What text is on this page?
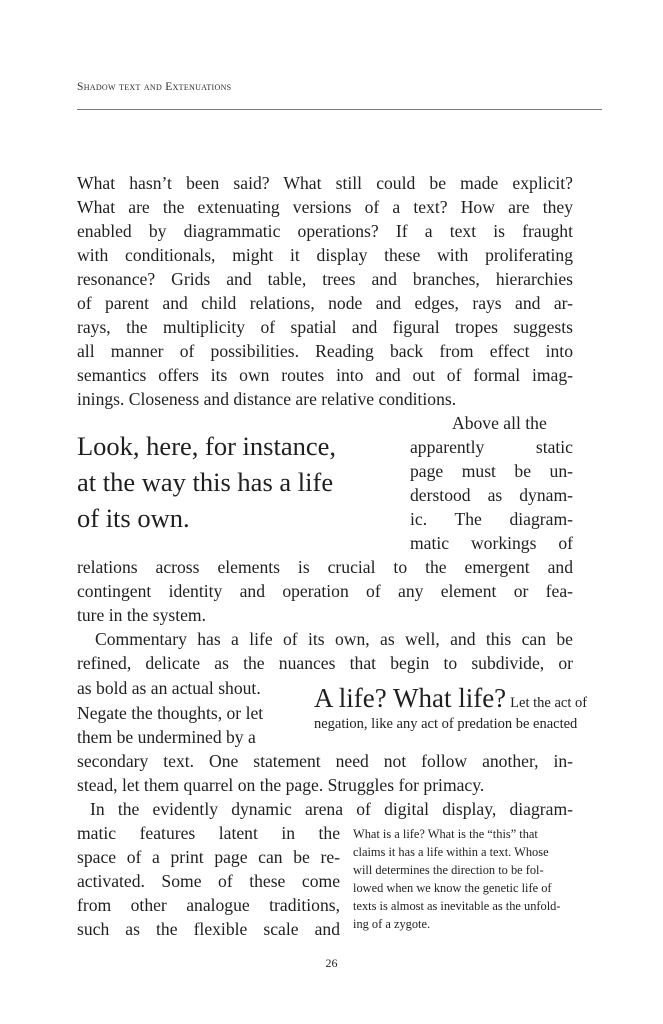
Shadow text and Extenuations
What hasn’t been said? What still could be made explicit?
What are the extenuating versions of a text? How are they
enabled by diagrammatic operations? If a text is fraught
with conditionals, might it display these with proliferating
resonance? Grids and table, trees and branches, hierarchies
of parent and child relations, node and edges, rays and ar-
rays, the multiplicity of spatial and figural tropes suggests
all manner of possibilities. Reading back from effect into
semantics offers its own routes into and out of formal imag-
inings. Closeness and distance are relative conditions.
Look, here, for instance,
at the way this has a life
of its own.
Above all the
apparently static
page must be un-
derstood as dynam-
ic. The diagram-
matic workings of
relations across elements is crucial to the emergent and
contingent identity and operation of any element or fea-
ture in the system.
Commentary has a life of its own, as well, and this can be
refined, delicate as the nuances that begin to subdivide, or
as bold as an actual shout.
Negate the thoughts, or let
them be undermined by a
secondary text. One statement need not follow another, in-
stead, let them quarrel on the page. Struggles for primacy.
A life? What life? Let the act of
negation, like any act of predation be enacted
In the evidently dynamic arena of digital display, diagram-
matic features latent in the
space of a print page can be re-
activated. Some of these come
from other analogue traditions,
such as the flexible scale and
What is a life? What is the “this” that
claims it has a life within a text. Whose
will determines the direction to be fol-
lowed when we know the genetic life of
texts is almost as inevitable as the unfold-
ing of a zygote.
26
